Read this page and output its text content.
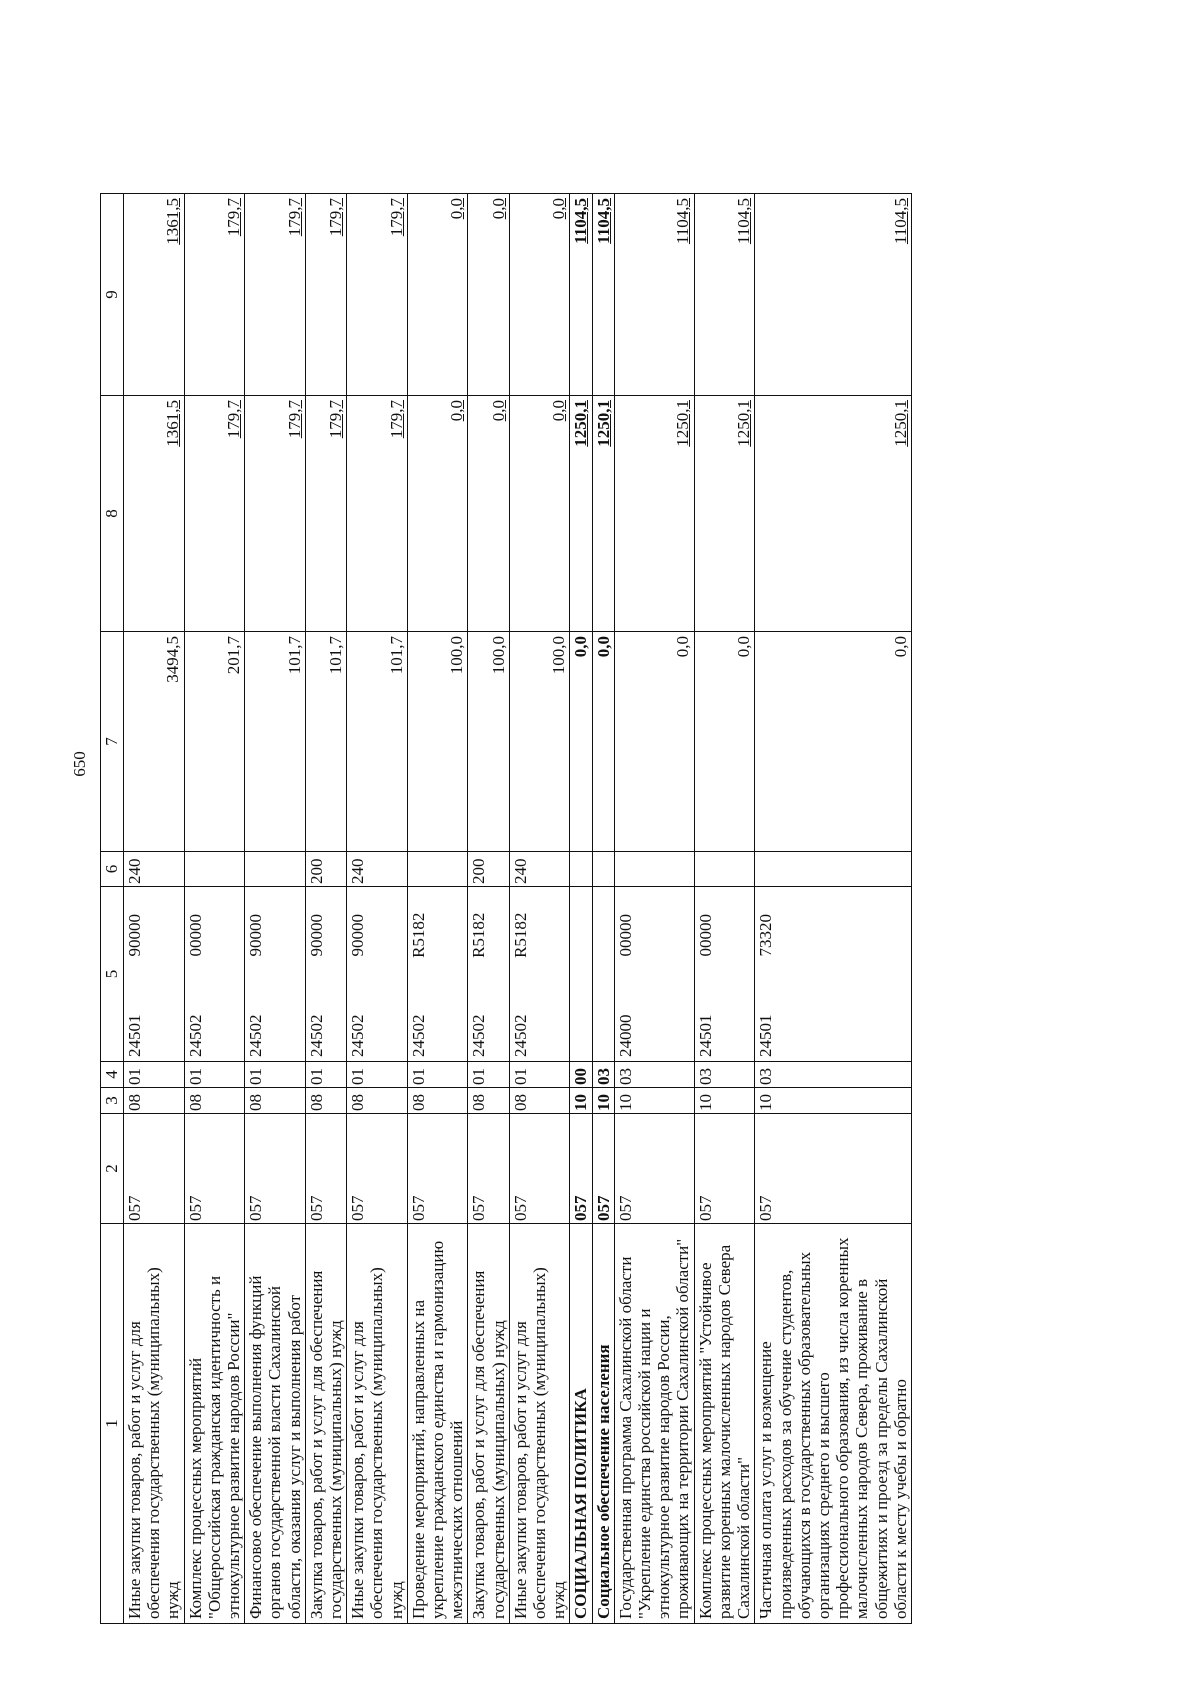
650
1	2	3	4	5		6	7	8	9
Иные закупки товаров, работ и услуг для обеспечения государственных (муниципальных) нужд	057	08	01	24501	90000	240	3494,5	1361,5	1361,5
Комплекс процессных мероприятий "Общероссийская гражданская идентичность и этнокультурное развитие народов России"	057	08	01	24502	00000		201,7	179,7	179,7
Финансовое обеспечение выполнения функций органов государственной власти Сахалинской области, оказания услуг и выполнения работ	057	08	01	24502	90000		101,7	179,7	179,7
Закупка товаров, работ и услуг для обеспечения государственных (муниципальных) нужд	057	08	01	24502	90000	200	101,7	179,7	179,7
Иные закупки товаров, работ и услуг для обеспечения государственных (муниципальных) нужд	057	08	01	24502	90000	240	101,7	179,7	179,7
Проведение мероприятий, направленных на укрепление гражданского единства и гармонизацию межэтнических отношений	057	08	01	24502	R5182		100,0	0,0	0,0
Закупка товаров, работ и услуг для обеспечения государственных (муниципальных) нужд	057	08	01	24502	R5182	200	100,0	0,0	0,0
Иные закупки товаров, работ и услуг для обеспечения государственных (муниципальных) нужд	057	08	01	24502	R5182	240	100,0	0,0	0,0
СОЦИАЛЬНАЯ ПОЛИТИКА	057	10	00				0,0	1250,1	1104,5
Социальное обеспечение населения	057	10	03				0,0	1250,1	1104,5
Государственная программа Сахалинской области "Укрепление единства российской нации и этнокультурное развитие народов России, проживающих на территории Сахалинской области"	057	10	03	24000	00000		0,0	1250,1	1104,5
Комплекс процессных мероприятий "Устойчивое развитие коренных малочисленных народов Севера Сахалинской области"	057	10	03	24501	00000		0,0	1250,1	1104,5
Частичная оплата услуг и возмещение произведенных расходов за обучение студентов, обучающихся в государственных образовательных организациях среднего и высшего профессионального образования, из числа коренных малочисленных народов Севера, проживание в общежитиях и проезд за пределы Сахалинской области к месту учебы и обратно	057	10	03	24501	73320		0,0	1250,1	1104,5
